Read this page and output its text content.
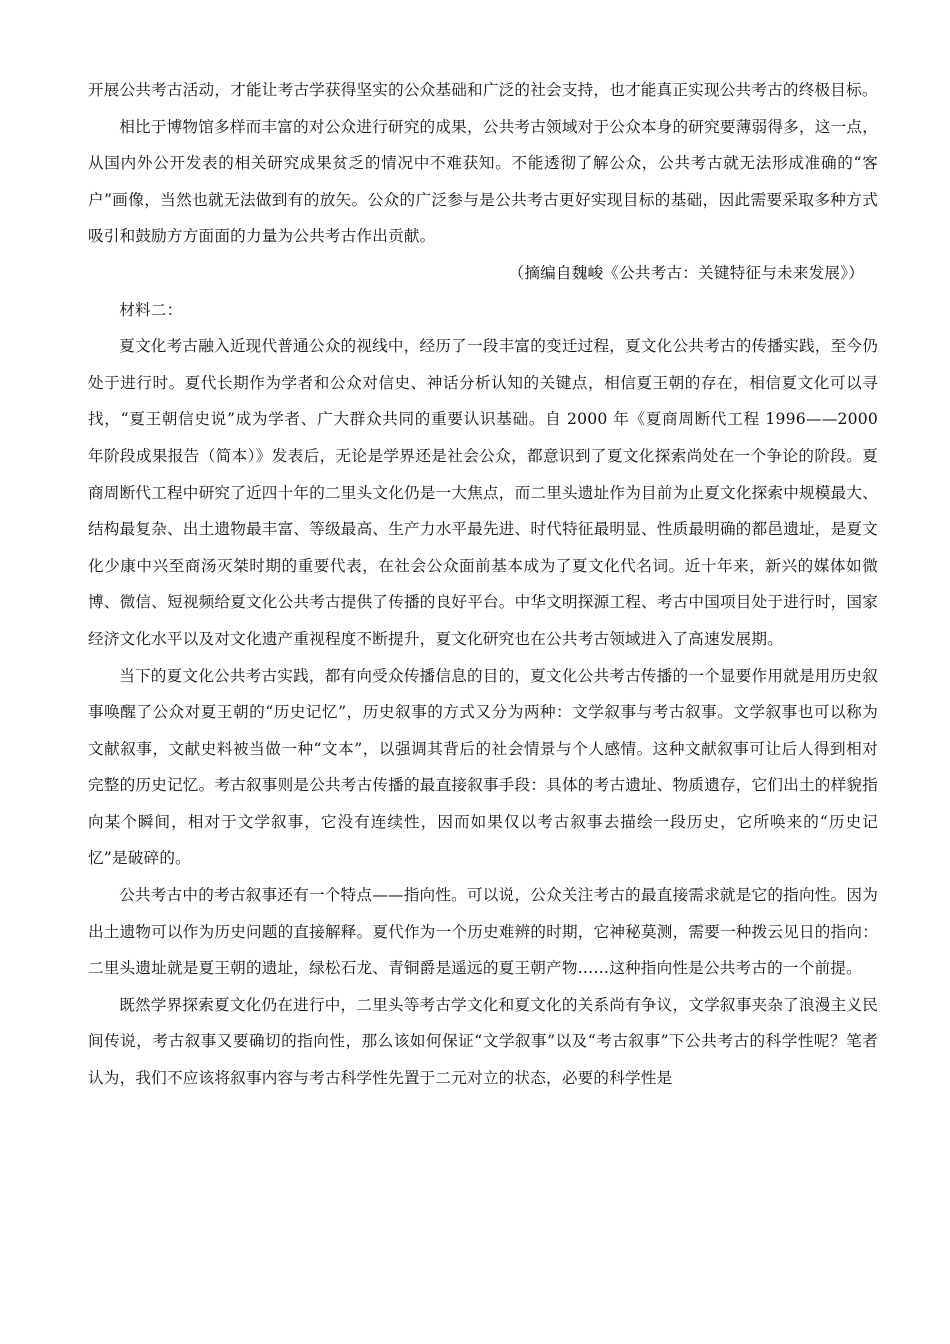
开展公共考古活动，才能让考古学获得坚实的公众基础和广泛的社会支持，也才能真正实现公共考古的终极目标。

相比于博物馆多样而丰富的对公众进行研究的成果，公共考古领域对于公众本身的研究要薄弱得多，这一点，从国内外公开发表的相关研究成果贫乏的情况中不难获知。不能透彻了解公众，公共考古就无法形成准确的“客户”画像，当然也就无法做到有的放矢。公众的广泛参与是公共考古更好实现目标的基础，因此需要采取多种方式吸引和鼓励方方面面的力量为公共考古作出贡献。

（摘编自魏峻《公共考古：关键特征与未来发展》）

材料二：

夏文化考古融入近现代普通公众的视线中，经历了一段丰富的变迁过程，夏文化公共考古的传播实践，至今仍处于进行时。夏代长期作为学者和公众对信史、神话分析认知的关键点，相信夏王朝的存在，相信夏文化可以寻找，“夏王朝信史说”成为学者、广大群众共同的重要认识基础。自 2000 年《夏商周断代工程 1996——2000 年阶段成果报告（简本）》发表后，无论是学界还是社会公众，都意识到了夏文化探索尚处在一个争论的阶段。夏商周断代工程中研究了近四十年的二里头文化仍是一大焦点，而二里头遗址作为目前为止夏文化探索中规模最大、结构最复杂、出土遗物最丰富、等级最高、生产力水平最先进、时代特征最明显、性质最明确的都邑遗址，是夏文化少康中兴至商汤灭桀时期的重要代表，在社会公众面前基本成为了夏文化代名词。近十年来，新兴的媒体如微博、微信、短视频给夏文化公共考古提供了传播的良好平台。中华文明探源工程、考古中国项目处于进行时，国家经济文化水平以及对文化遗产重视程度不断提升，夏文化研究也在公共考古领域进入了高速发展期。

当下的夏文化公共考古实践，都有向受众传播信息的目的，夏文化公共考古传播的一个显要作用就是用历史叙事唤醒了公众对夏王朝的“历史记忆”，历史叙事的方式又分为两种：文学叙事与考古叙事。文学叙事也可以称为文献叙事，文献史料被当做一种“文本”，以强调其背后的社会情景与个人感情。这种文献叙事可让后人得到相对完整的历史记忆。考古叙事则是公共考古传播的最直接叙事手段：具体的考古遗址、物质遗存，它们出土的样貌指向某个瞬间，相对于文学叙事，它没有连续性，因而如果仅以考古叙事去描绘一段历史，它所唤来的“历史记忆”是破碎的。

公共考古中的考古叙事还有一个特点——指向性。可以说，公众关注考古的最直接需求就是它的指向性。因为出土遗物可以作为历史问题的直接解释。夏代作为一个历史难辨的时期，它神秘莫测，需要一种拨云见日的指向：二里头遗址就是夏王朝的遗址，绿松石龙、青铜爵是遥远的夏王朝产物……这种指向性是公共考古的一个前提。

既然学界探索夏文化仍在进行中，二里头等考古学文化和夏文化的关系尚有争议，文学叙事夹杂了浪漫主义民间传说，考古叙事又要确切的指向性，那么该如何保证“文学叙事”以及“考古叙事”下公共考古的科学性呢？笔者认为，我们不应该将叙事内容与考古科学性先置于二元对立的状态，必要的科学性是
